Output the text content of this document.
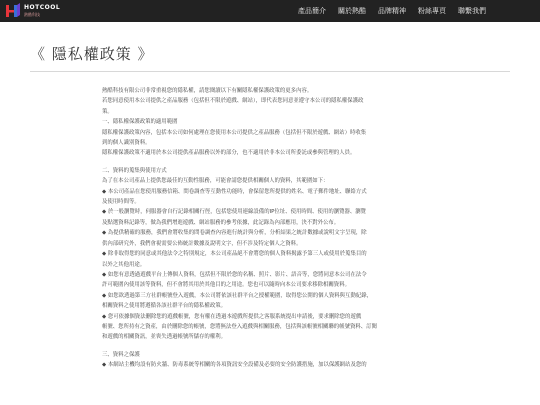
HOTCOOL
熱酷科技	產品簡介 關於熱酷 品牌精神 粉絲專頁 聯繫我們
《 隱私權政策 》

熱酷科技有限公司非常重視您的隱私權，請您閱讀以下有關隱私權保護政策的更多內容。

若您同意使用本公司提供之產品服務（包括但不限於遊戲、網站），即代表您同意並遵守本公司的隱私權保護政

策。

一、隱私權保護政策的適用範圍

隱私權保護政策內容，包括本公司如何處理在您使用本公司提供之產品服務（包括但不限於遊戲、網站）時收集

到的個人識別資料。

隱私權保護政策不適用於本公司提供產品服務以外的部分，也不適用於非本公司所委託或參與管理的人員。

二、資料的蒐集與使用方式

為了在本公司產品上提供您最佳的互動性服務，可能會請您提供相關個人的資料，其範圍如下：

◆ 本公司產品在您使用服務信箱、問卷調查等互動性功能時，會保留您所提供的姓名、電子郵件地址、聯絡方式

及使用時間等。

◆ 於一般瀏覽時，伺服器會自行記錄相關行徑，包括您使用連線設備的IP位址、使用時間、使用的瀏覽器、瀏覽

及點選資料記錄等，做為我們增進遊戲、網站服務的參考依據，此記錄為內部應用，決不對外公布。

◆ 為提供精確的服務，我們會將收集的問卷調查內容進行統計與分析，分析結果之統計數據或說明文字呈現，除

供內部研究外，我們會視需要公佈統計數據及說明文字，但不涉及特定個人之資料。

◆ 除非取得您的同意或其他法令之特別規定，本公司產品絕不會將您的個人資料揭露予第三人或使用於蒐集目的

以外之其他用途。

◆ 如您有意透過遊戲平台上傳個人資料，包括但不限於您的名稱、照片、影片、語音等，您將同意本公司在法令

許可範圍內使用該等資料，但不會將其用於其他目的之用途。您也可以隨時向本公司要求移除相關資料。

◆ 如您欲透過第三方社群帳號登入遊戲，本公司將依該社群平台之授權範圍，取得您公開的個人資料與互動紀錄，

相關資料之使用將遵循各該社群平台的隱私權政策。

◆ 您可依據個資法刪除您的遊戲帳號，您有權在透過本遊戲所提供之客服系統提出申請後，要求刪除您的遊戲

帳號、您所持有之資產，由於刪除您的帳號，您將無法登入遊戲與相關服務，包括與該帳號相關聯的帳號資料、訂閱

和遊戲的相關資訊，並喪失透過帳號所儲存的權利。

三、資料之保護

◆ 本網站主機均設有防火牆、防毒系統等相關的各項資訊安全設備及必要的安全防護措施，加以保護網站及您的
